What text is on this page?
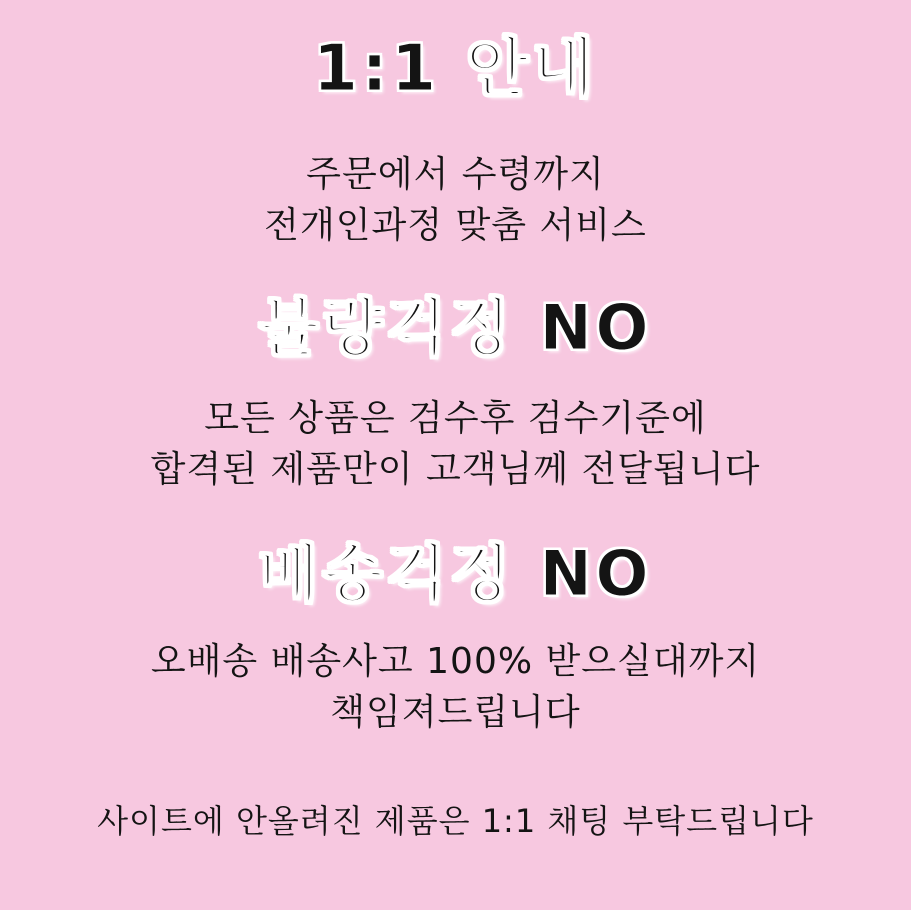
1:1 안내
주문에서 수령까지
전개인과정 맞춤 서비스
불량걱정 NO
모든 상품은 검수후 검수기준에
합격된 제품만이 고객님께 전달됩니다
배송걱정 NO
오배송 배송사고 100% 받으실대까지
책임져드립니다
사이트에 안올려진 제품은 1:1 채팅 부탁드립니다
